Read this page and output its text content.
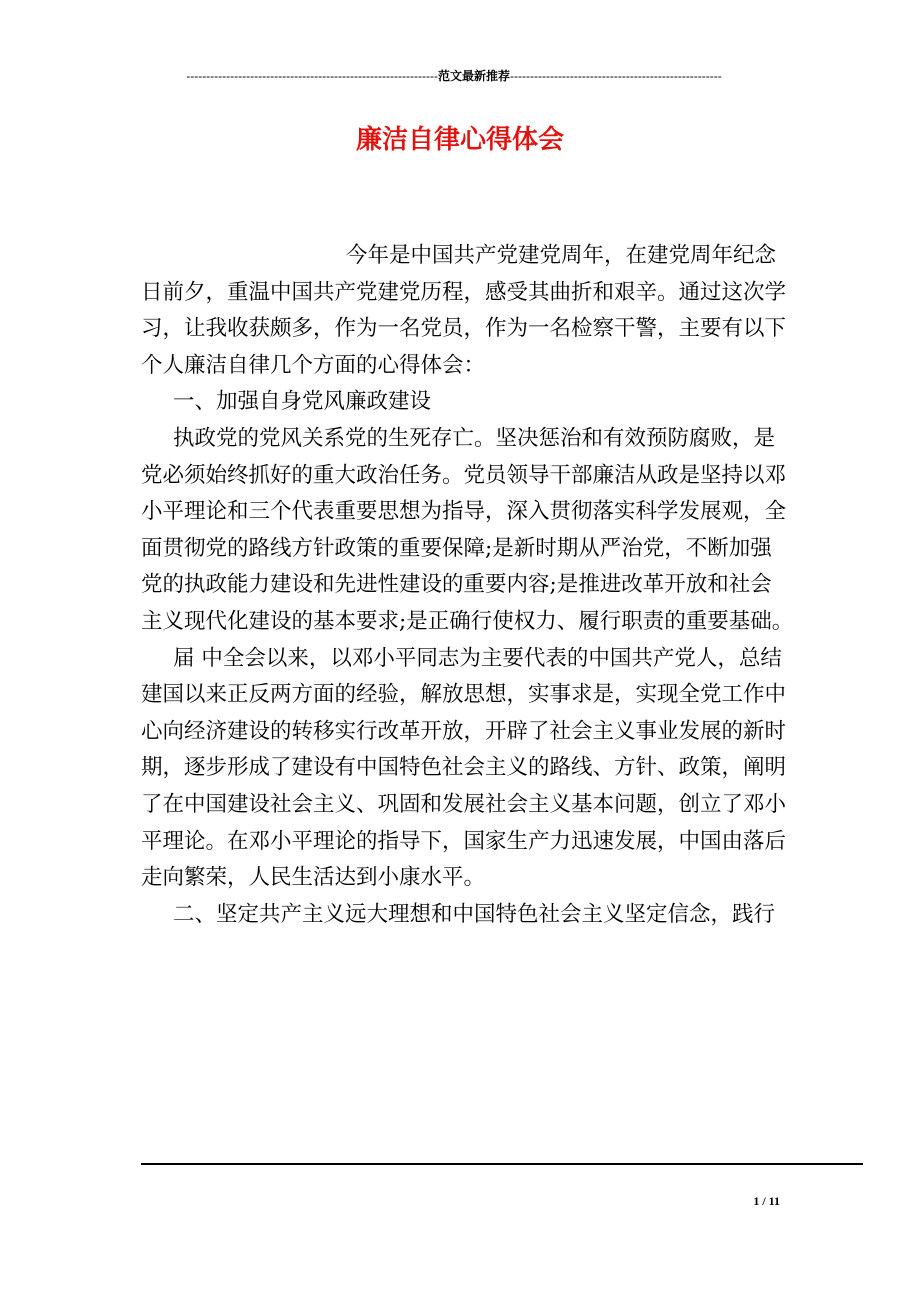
---------------------------------------------------------------范文最新推荐-----------------------------------------------------
廉洁自律心得体会
今年是中国共产党建党周年，在建党周年纪念
日前夕，重温中国共产党建党历程，感受其曲折和艰辛。通过这次学
习，让我收获颇多，作为一名党员，作为一名检察干警，主要有以下
个人廉洁自律几个方面的心得体会：
一、加强自身党风廉政建设
执政党的党风关系党的生死存亡。坚决惩治和有效预防腐败，是
党必须始终抓好的重大政治任务。党员领导干部廉洁从政是坚持以邓
小平理论和三个代表重要思想为指导，深入贯彻落实科学发展观，全
面贯彻党的路线方针政策的重要保障;是新时期从严治党，不断加强
党的执政能力建设和先进性建设的重要内容;是推进改革开放和社会
主义现代化建设的基本要求;是正确行使权力、履行职责的重要基础。
届 中全会以来，以邓小平同志为主要代表的中国共产党人，总结
建国以来正反两方面的经验，解放思想，实事求是，实现全党工作中
心向经济建设的转移实行改革开放，开辟了社会主义事业发展的新时
期，逐步形成了建设有中国特色社会主义的路线、方针、政策，阐明
了在中国建设社会主义、巩固和发展社会主义基本问题，创立了邓小
平理论。在邓小平理论的指导下，国家生产力迅速发展，中国由落后
走向繁荣，人民生活达到小康水平。
二、坚定共产主义远大理想和中国特色社会主义坚定信念，践行
1 / 11
